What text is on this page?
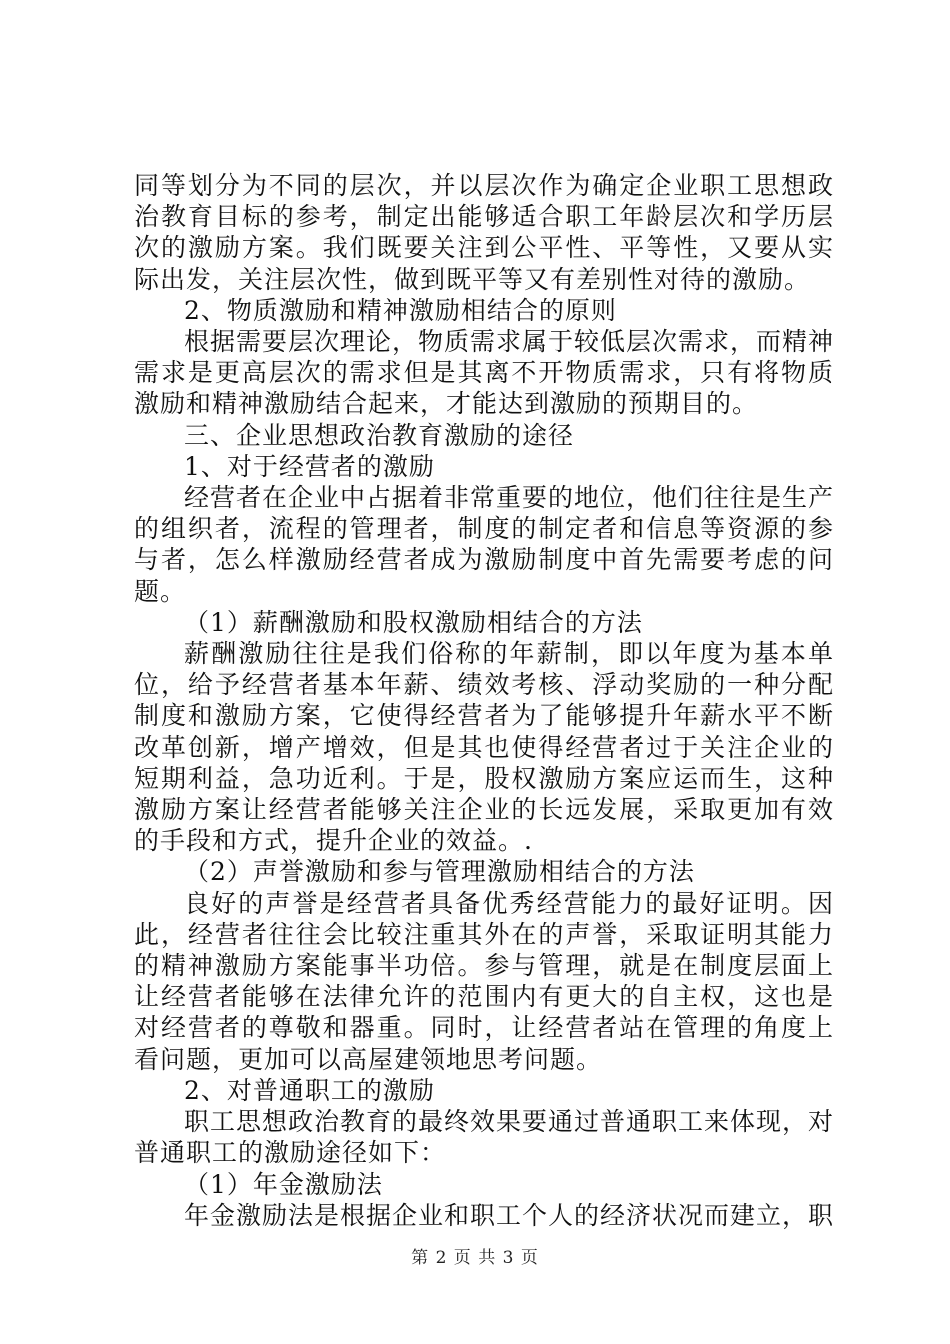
同等划分为不同的层次，并以层次作为确定企业职工思想政治教育目标的参考，制定出能够适合职工年龄层次和学历层次的激励方案。我们既要关注到公平性、平等性，又要从实际出发，关注层次性，做到既平等又有差别性对待的激励。

2、物质激励和精神激励相结合的原则

根据需要层次理论，物质需求属于较低层次需求，而精神需求是更高层次的需求但是其离不开物质需求，只有将物质激励和精神激励结合起来，才能达到激励的预期目的。

三、企业思想政治教育激励的途径

1、对于经营者的激励

经营者在企业中占据着非常重要的地位，他们往往是生产的组织者，流程的管理者，制度的制定者和信息等资源的参与者，怎么样激励经营者成为激励制度中首先需要考虑的问题。

（1）薪酬激励和股权激励相结合的方法

薪酬激励往往是我们俗称的年薪制，即以年度为基本单位，给予经营者基本年薪、绩效考核、浮动奖励的一种分配制度和激励方案，它使得经营者为了能够提升年薪水平不断改革创新，增产增效，但是其也使得经营者过于关注企业的短期利益，急功近利。于是，股权激励方案应运而生，这种激励方案让经营者能够关注企业的长远发展，采取更加有效的手段和方式，提升企业的效益。.

（2）声誉激励和参与管理激励相结合的方法

良好的声誉是经营者具备优秀经营能力的最好证明。因此，经营者往往会比较注重其外在的声誉，采取证明其能力的精神激励方案能事半功倍。参与管理，就是在制度层面上让经营者能够在法律允许的范围内有更大的自主权，这也是对经营者的尊敬和器重。同时，让经营者站在管理的角度上看问题，更加可以高屋建领地思考问题。

2、对普通职工的激励

职工思想政治教育的最终效果要通过普通职工来体现，对普通职工的激励途径如下：

（1）年金激励法

年金激励法是根据企业和职工个人的经济状况而建立，职

第 2 页 共 3 页
